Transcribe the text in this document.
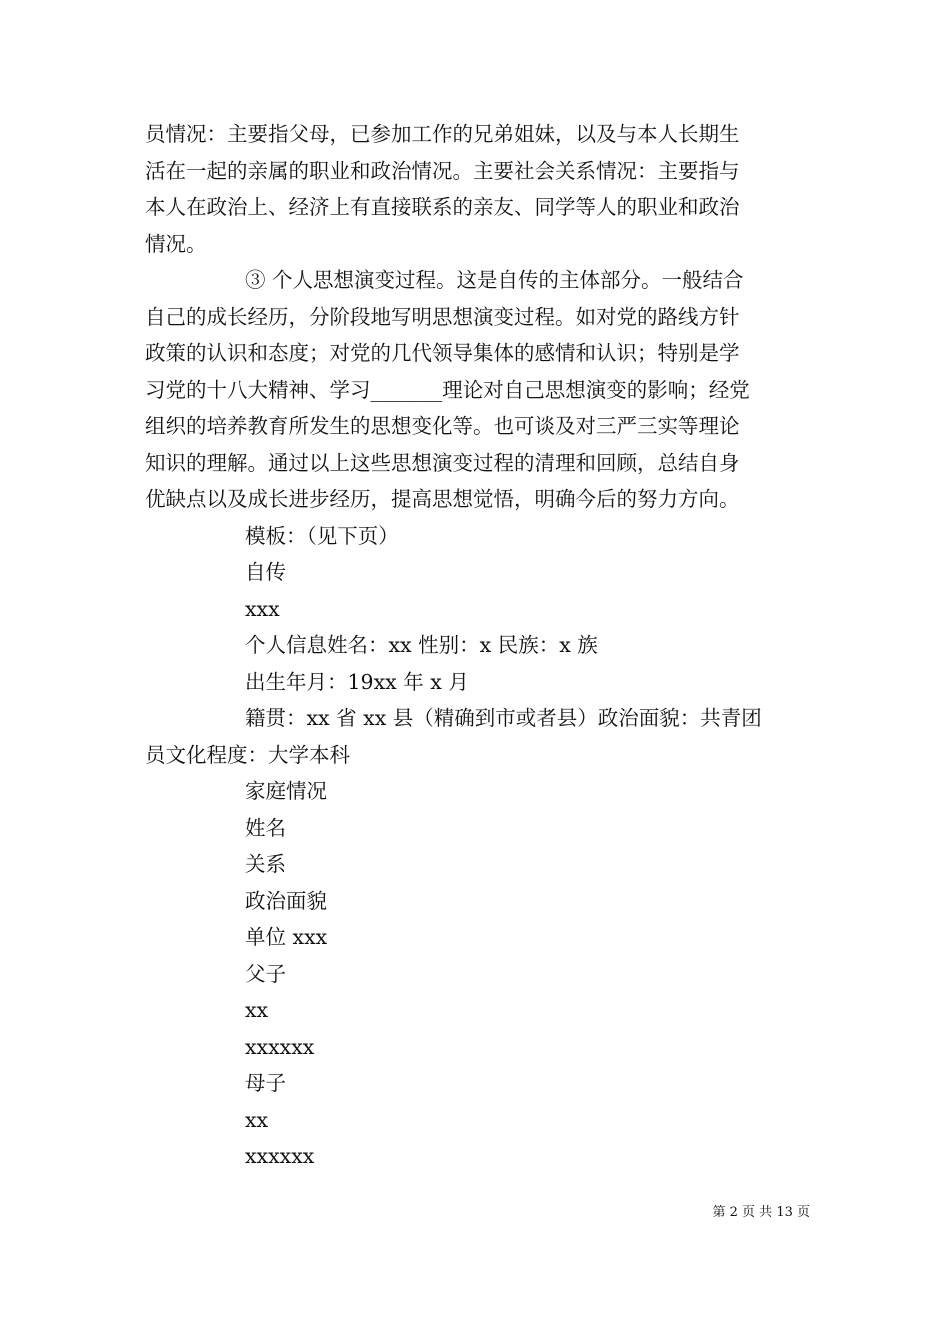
员情况：主要指父母，已参加工作的兄弟姐妹，以及与本人长期生
活在一起的亲属的职业和政治情况。主要社会关系情况：主要指与
本人在政治上、经济上有直接联系的亲友、同学等人的职业和政治
情况。
③ 个人思想演变过程。这是自传的主体部分。一般结合
自己的成长经历，分阶段地写明思想演变过程。如对党的路线方针
政策的认识和态度；对党的几代领导集体的感情和认识；特别是学
习党的十八大精神、学习_______理论对自己思想演变的影响；经党
组织的培养教育所发生的思想变化等。也可谈及对三严三实等理论
知识的理解。通过以上这些思想演变过程的清理和回顾，总结自身
优缺点以及成长进步经历，提高思想觉悟，明确今后的努力方向。
模板：（见下页）
自传
xxx
个人信息姓名：xx 性别：x 民族：x 族
出生年月：19xx 年 x 月
籍贯：xx 省 xx 县（精确到市或者县）政治面貌：共青团
员文化程度：大学本科
家庭情况
姓名
关系
政治面貌
单位 xxx
父子
xx
xxxxxx
母子
xx
xxxxxx
第 2 页 共 13 页
